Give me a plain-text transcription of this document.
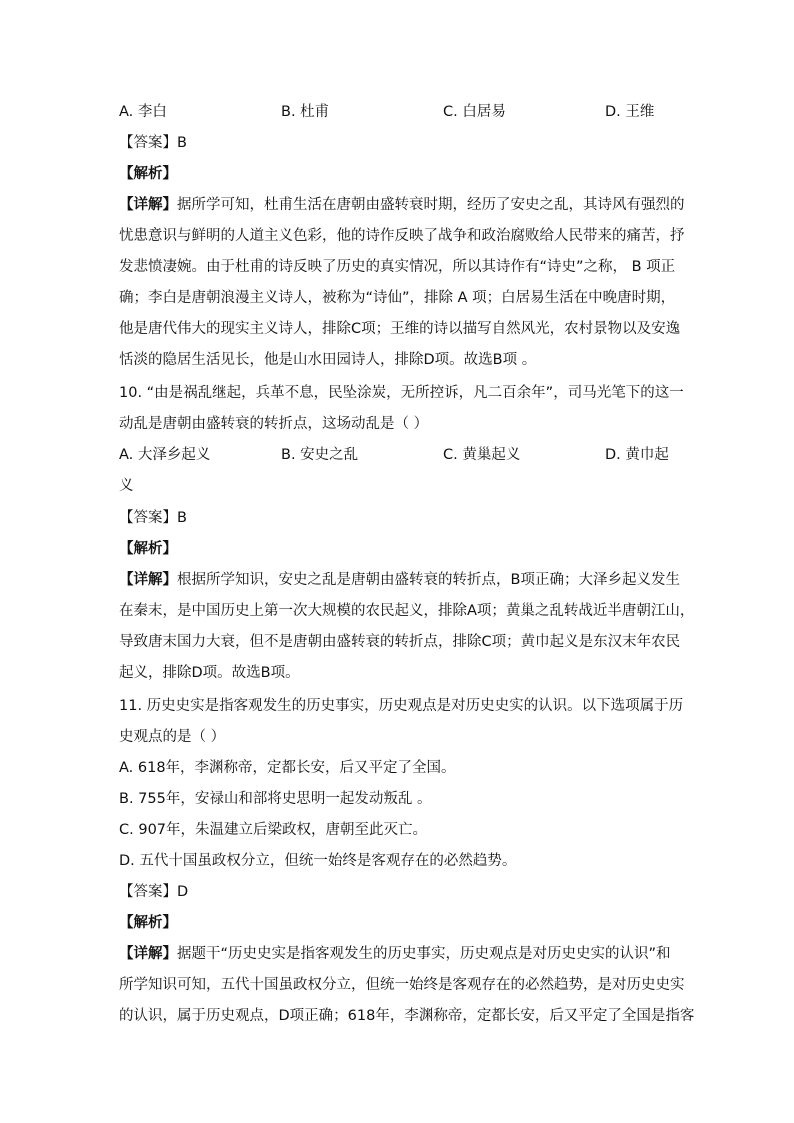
A. 李白	B. 杜甫	C. 白居易	D. 王维
【答案】B
【解析】
【详解】据所学可知，杜甫生活在唐朝由盛转衰时期，经历了安史之乱，其诗风有强烈的
忧患意识与鲜明的人道主义色彩，他的诗作反映了战争和政治腐败给人民带来的痛苦，抒
发悲愤凄婉。由于杜甫的诗反映了历史的真实情况，所以其诗作有“诗史”之称， B 项正
确；李白是唐朝浪漫主义诗人，被称为“诗仙”，排除 A 项；白居易生活在中晚唐时期，
他是唐代伟大的现实主义诗人，排除C项；王维的诗以描写自然风光，农村景物以及安逸
恬淡的隐居生活见长，他是山水田园诗人，排除D项。故选B项 。
10. “由是祸乱继起，兵革不息，民坠涂炭，无所控诉，凡二百余年”，司马光笔下的这一
动乱是唐朝由盛转衰的转折点，这场动乱是（ ）
A. 大泽乡起义	B. 安史之乱	C. 黄巢起义	D. 黄巾起
义
【答案】B
【解析】
【详解】根据所学知识，安史之乱是唐朝由盛转衰的转折点，B项正确；大泽乡起义发生
在秦末，是中国历史上第一次大规模的农民起义，排除A项；黄巢之乱转战近半唐朝江山，
导致唐末国力大衰，但不是唐朝由盛转衰的转折点，排除C项；黄巾起义是东汉末年农民
起义，排除D项。故选B项。
11. 历史史实是指客观发生的历史事实，历史观点是对历史史实的认识。以下选项属于历
史观点的是（ ）
A. 618年，李渊称帝，定都长安，后又平定了全国。
B. 755年，安禄山和部将史思明一起发动叛乱 。
C. 907年，朱温建立后梁政权，唐朝至此灭亡。
D. 五代十国虽政权分立，但统一始终是客观存在的必然趋势。
【答案】D
【解析】
【详解】据题干“历史史实是指客观发生的历史事实，历史观点是对历史史实的认识”和
所学知识可知，五代十国虽政权分立，但统一始终是客观存在的必然趋势，是对历史史实
的认识，属于历史观点，D项正确；618年，李渊称帝，定都长安，后又平定了全国是指客
